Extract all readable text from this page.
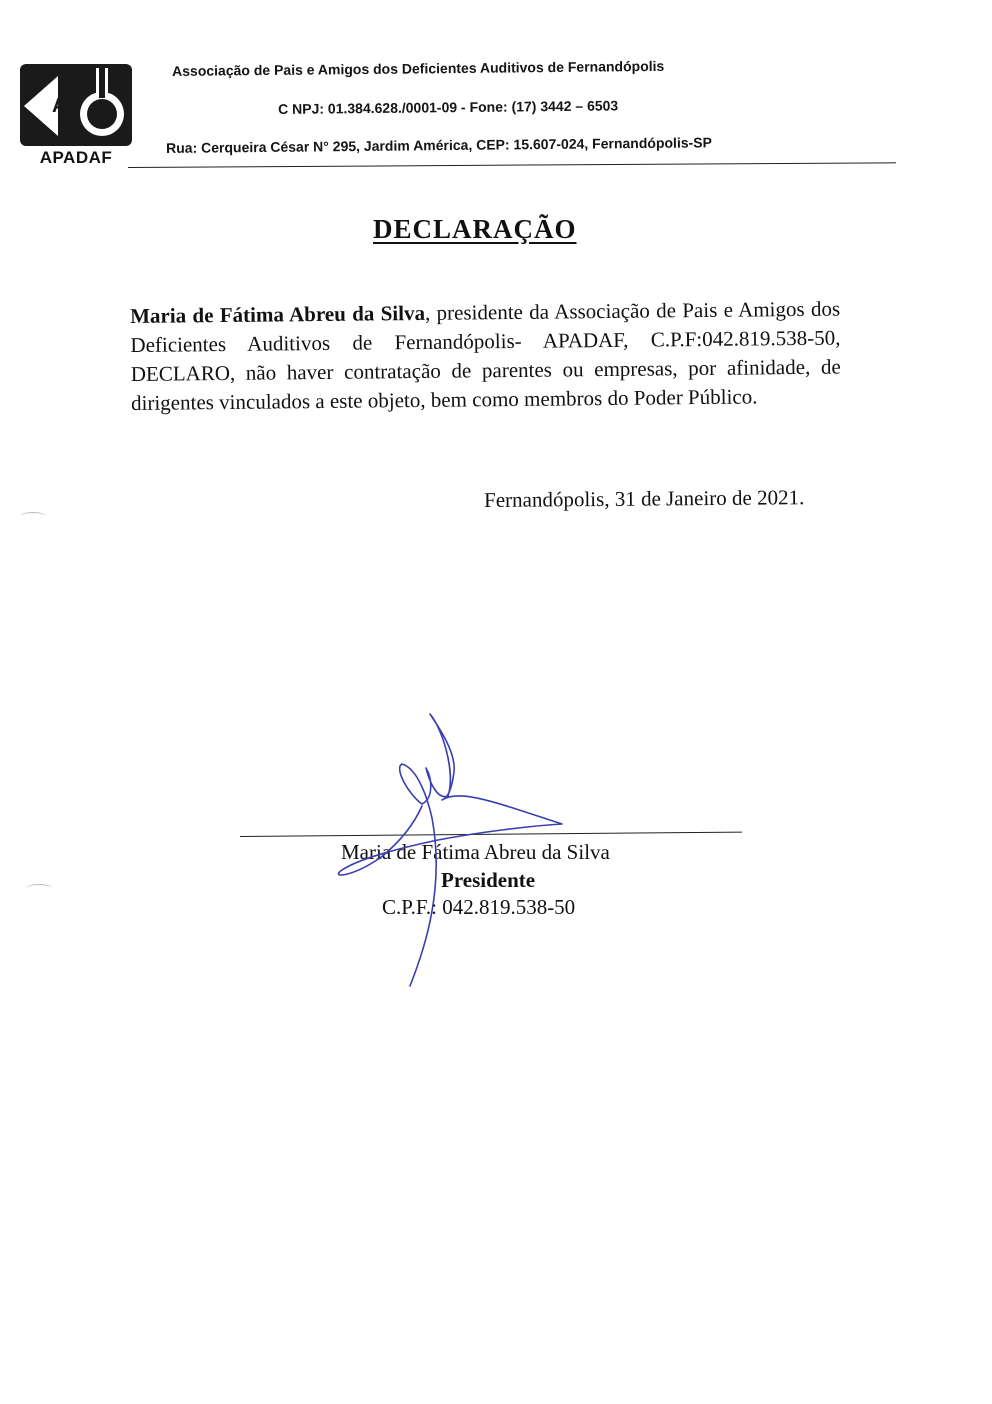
A
APADAF
Associação de Pais e Amigos dos Deficientes Auditivos de Fernandópolis
C NPJ: 01.384.628./0001-09 - Fone: (17) 3442 – 6503
Rua: Cerqueira César N° 295, Jardim América, CEP: 15.607-024, Fernandópolis-SP
DECLARAÇÃO
Maria de Fátima Abreu da Silva, presidente da Associação de Pais e Amigos dos Deficientes Auditivos de Fernandópolis- APADAF, C.P.F:042.819.538-50, DECLARO, não haver contratação de parentes ou empresas, por afinidade, de dirigentes vinculados a este objeto, bem como membros do Poder Público.
Fernandópolis, 31 de Janeiro de 2021.
Maria de Fátima Abreu da Silva
Presidente
C.P.F.: 042.819.538-50
